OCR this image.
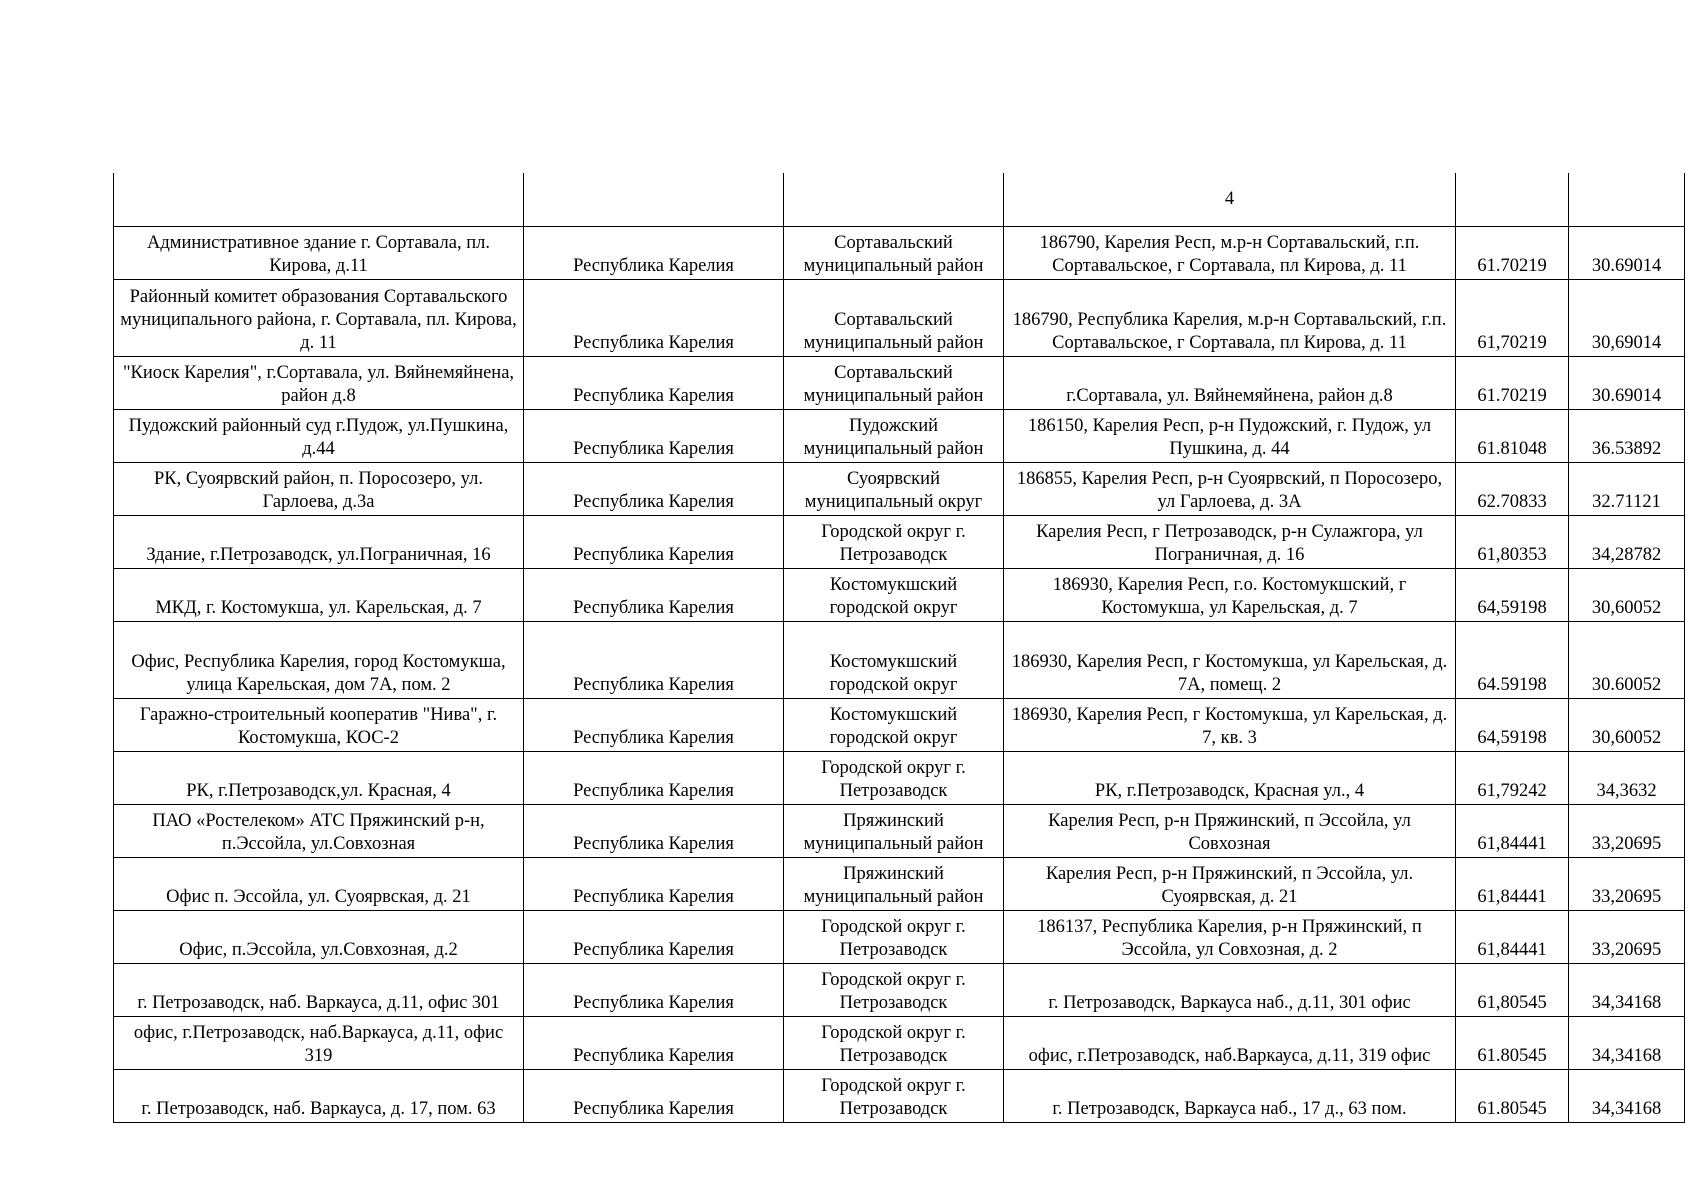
			4		
Административное здание г. Сортавала, пл. Кирова, д.11	Республика Карелия	Сортавальский муниципальный район	186790, Карелия Респ, м.р-н Сортавальский, г.п. Сортавальское, г Сортавала, пл Кирова, д. 11	61.70219	30.69014
Районный комитет образования Сортавальского муниципального района, г. Сортавала, пл. Кирова, д. 11	Республика Карелия	Сортавальский муниципальный район	186790, Республика Карелия, м.р-н Сортавальский, г.п. Сортавальское, г Сортавала, пл Кирова, д. 11	61,70219	30,69014
"Киоск Карелия", г.Сортавала, ул. Вяйнемяйнена, район д.8	Республика Карелия	Сортавальский муниципальный район	г.Сортавала, ул. Вяйнемяйнена, район д.8	61.70219	30.69014
Пудожский районный суд г.Пудож, ул.Пушкина, д.44	Республика Карелия	Пудожский муниципальный район	186150, Карелия Респ, р-н Пудожский, г. Пудож, ул Пушкина, д. 44	61.81048	36.53892
РК, Суоярвский район, п. Поросозеро, ул. Гарлоева, д.3а	Республика Карелия	Суоярвский муниципальный округ	186855, Карелия Респ, р-н Суоярвский, п Поросозеро, ул Гарлоева, д. 3А	62.70833	32.71121
Здание, г.Петрозаводск, ул.Пограничная, 16	Республика Карелия	Городской округ г. Петрозаводск	Карелия Респ, г Петрозаводск, р-н Сулажгора, ул Пограничная, д. 16	61,80353	34,28782
МКД, г. Костомукша, ул. Карельская, д. 7	Республика Карелия	Костомукшский городской округ	186930, Карелия Респ, г.о. Костомукшский, г Костомукша, ул Карельская, д. 7	64,59198	30,60052
Офис, Республика Карелия, город Костомукша, улица Карельская, дом 7А, пом. 2	Республика Карелия	Костомукшский городской округ	186930, Карелия Респ, г Костомукша, ул Карельская, д. 7А, помещ. 2	64.59198	30.60052
Гаражно-строительный кооператив "Нива", г. Костомукша, КОС-2	Республика Карелия	Костомукшский городской округ	186930, Карелия Респ, г Костомукша, ул Карельская, д. 7, кв. 3	64,59198	30,60052
РК, г.Петрозаводск,ул. Красная, 4	Республика Карелия	Городской округ г. Петрозаводск	РК, г.Петрозаводск, Красная ул., 4	61,79242	34,3632
ПАО «Ростелеком» АТС Пряжинский р-н, п.Эссойла, ул.Совхозная	Республика Карелия	Пряжинский муниципальный район	Карелия Респ, р-н Пряжинский, п Эссойла, ул Совхозная	61,84441	33,20695
Офис п. Эссойла, ул. Суоярвская, д. 21	Республика Карелия	Пряжинский муниципальный район	Карелия Респ, р-н Пряжинский, п Эссойла, ул. Суоярвская, д. 21	61,84441	33,20695
Офис, п.Эссойла, ул.Совхозная, д.2	Республика Карелия	Городской округ г. Петрозаводск	186137, Республика Карелия, р-н Пряжинский, п Эссойла, ул Совхозная, д. 2	61,84441	33,20695
г. Петрозаводск, наб. Варкауса, д.11, офис 301	Республика Карелия	Городской округ г. Петрозаводск	г. Петрозаводск, Варкауса наб., д.11, 301 офис	61,80545	34,34168
офис, г.Петрозаводск, наб.Варкауса, д.11, офис 319	Республика Карелия	Городской округ г. Петрозаводск	офис, г.Петрозаводск, наб.Варкауса, д.11, 319 офис	61.80545	34,34168
г. Петрозаводск, наб. Варкауса, д. 17, пом. 63	Республика Карелия	Городской округ г. Петрозаводск	г. Петрозаводск, Варкауса наб., 17 д., 63 пом.	61.80545	34,34168
